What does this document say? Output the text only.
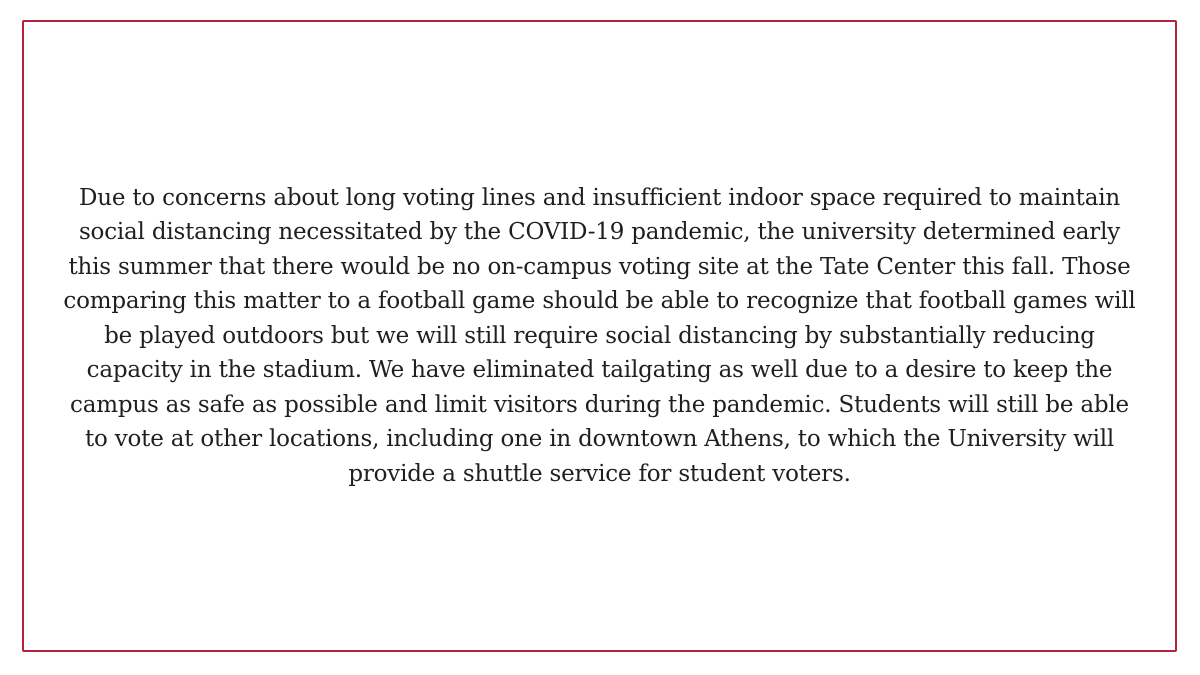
Due to concerns about long voting lines and insufficient indoor space required to maintain social distancing necessitated by the COVID-19 pandemic, the university determined early this summer that there would be no on-campus voting site at the Tate Center this fall. Those comparing this matter to a football game should be able to recognize that football games will be played outdoors but we will still require social distancing by substantially reducing capacity in the stadium. We have eliminated tailgating as well due to a desire to keep the campus as safe as possible and limit visitors during the pandemic. Students will still be able to vote at other locations, including one in downtown Athens, to which the University will provide a shuttle service for student voters.
